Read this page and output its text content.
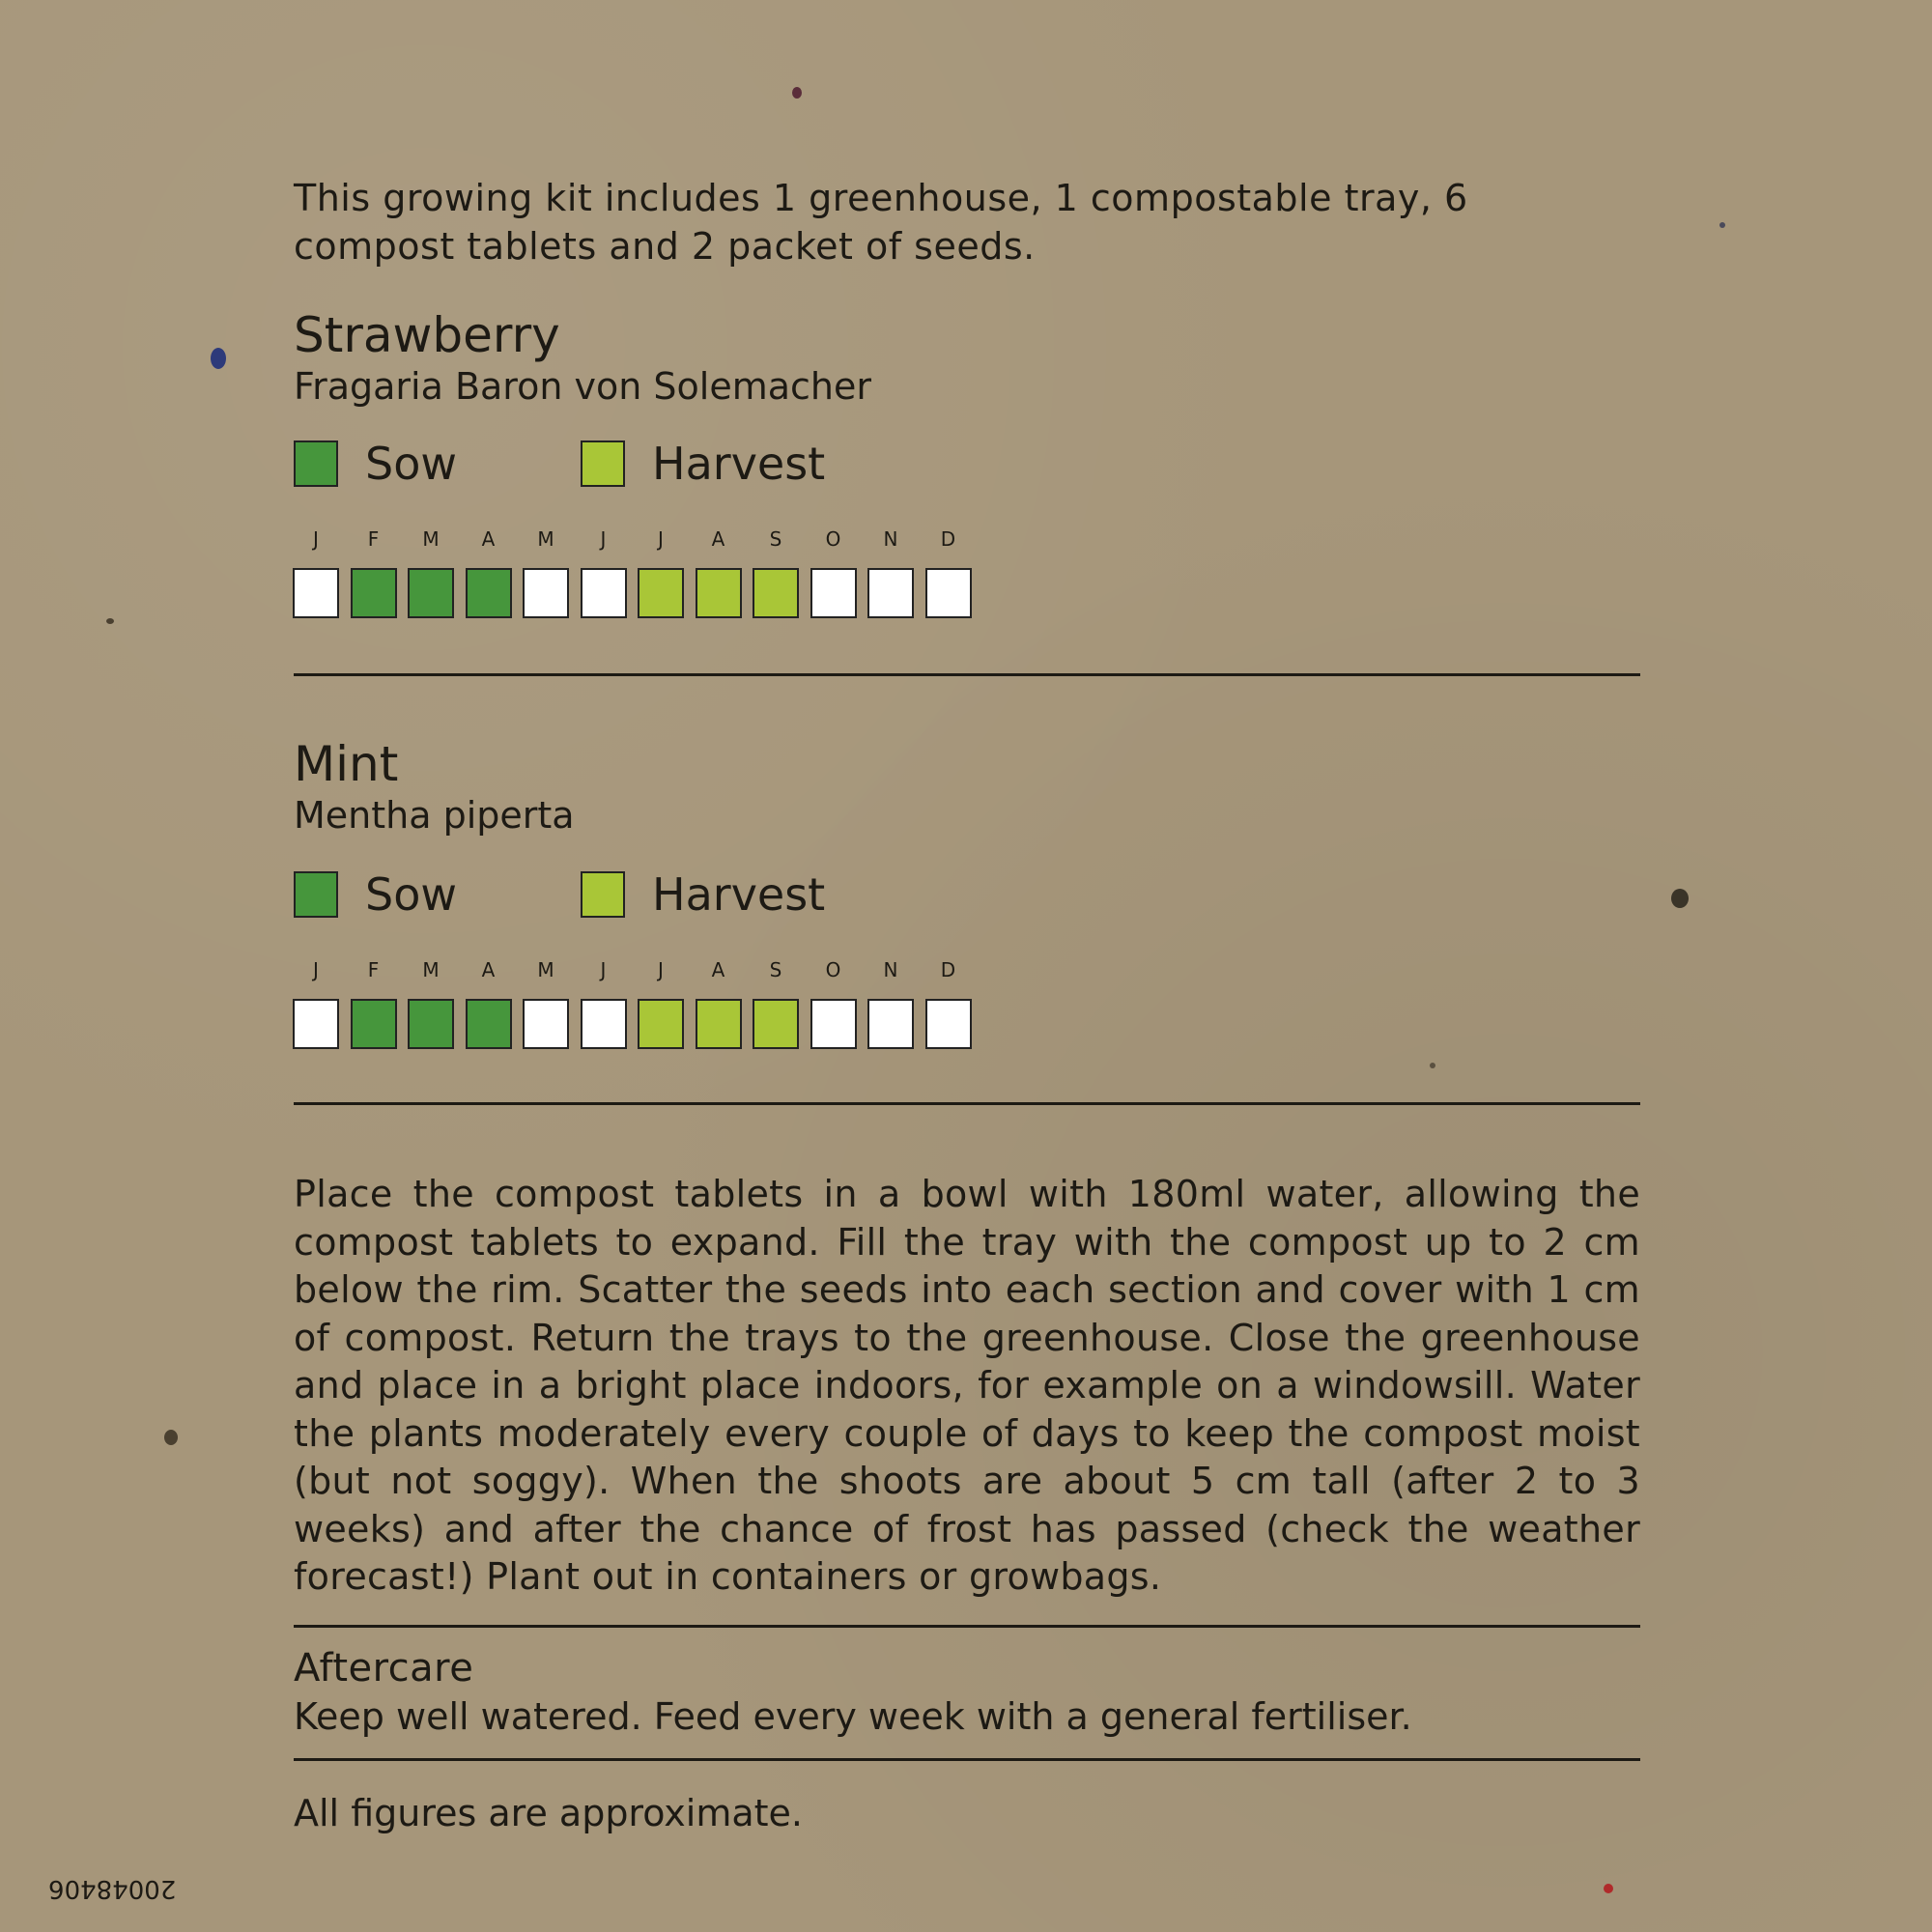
This growing kit includes 1 greenhouse, 1 compostable tray, 6 compost tablets and 2 packet of seeds.
Strawberry
Fragaria Baron von Solemacher
Sow	Harvest
J	F M A M J	J A S O N D
Mint
Mentha piperta
Sow	Harvest
J	F M A M J	J A S O N D
Place the compost tablets in a bowl with 180ml water, allowing the compost tablets to expand. Fill the tray with the compost up to 2 cm below the rim. Scatter the seeds into each section and cover with 1 cm of compost. Return the trays to the greenhouse. Close the greenhouse and place in a bright place indoors, for example on a windowsill. Water the plants moderately every couple of days to keep the compost moist (but not soggy). When the shoots are about 5 cm tall (after 2 to 3 weeks) and after the chance of frost has passed (check the weather forecast!) Plant out in containers or growbags.
Aftercare
Keep well watered. Feed every week with a general fertiliser.
All figures are approximate.
20048406
